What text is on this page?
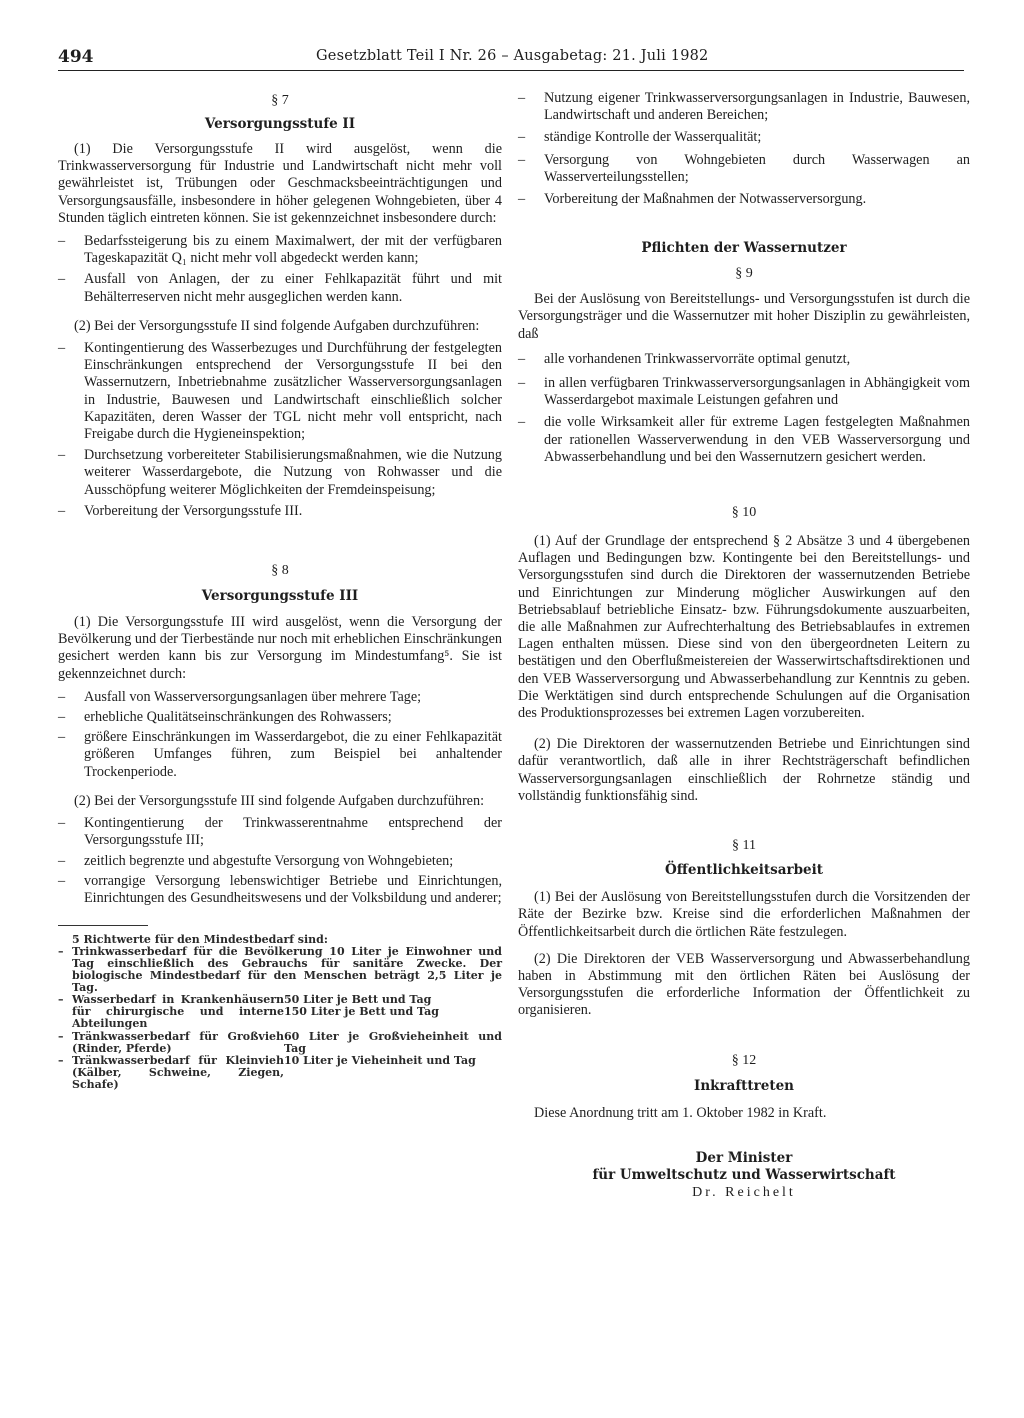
494	Gesetzblatt Teil I Nr. 26 – Ausgabetag: 21. Juli 1982

§ 7

Versorgungsstufe II

(1) Die Versorgungsstufe II wird ausgelöst, wenn die Trinkwasserversorgung für Industrie und Landwirtschaft nicht mehr voll gewährleistet ist, Trübungen oder Geschmacksbeeinträchtigungen und Versorgungsausfälle, insbesondere in höher gelegenen Wohngebieten, über 4 Stunden täglich eintreten können. Sie ist gekennzeichnet insbesondere durch:

– Bedarfssteigerung bis zu einem Maximalwert, der mit der verfügbaren Tageskapazität Q₁ nicht mehr voll abgedeckt werden kann;
– Ausfall von Anlagen, der zu einer Fehlkapazität führt und mit Behälterreserven nicht mehr ausgeglichen werden kann.

(2) Bei der Versorgungsstufe II sind folgende Aufgaben durchzuführen:

– Kontingentierung des Wasserbezuges und Durchführung der festgelegten Einschränkungen entsprechend der Versorgungsstufe II bei den Wassernutzern, Inbetriebnahme zusätzlicher Wasserversorgungsanlagen in Industrie, Bauwesen und Landwirtschaft einschließlich solcher Kapazitäten, deren Wasser der TGL nicht mehr voll entspricht, nach Freigabe durch die Hygieneinspektion;
– Durchsetzung vorbereiteter Stabilisierungsmaßnahmen, wie die Nutzung weiterer Wasserdargebote, die Nutzung von Rohwasser und die Ausschöpfung weiterer Möglichkeiten der Fremdeinspeisung;
– Vorbereitung der Versorgungsstufe III.

§ 8

Versorgungsstufe III

(1) Die Versorgungsstufe III wird ausgelöst, wenn die Versorgung der Bevölkerung und der Tierbestände nur noch mit erheblichen Einschränkungen gesichert werden kann bis zur Versorgung im Mindestumfang⁵. Sie ist gekennzeichnet durch:

– Ausfall von Wasserversorgungsanlagen über mehrere Tage;
– erhebliche Qualitätseinschränkungen des Rohwassers;
– größere Einschränkungen im Wasserdargebot, die zu einer Fehlkapazität größeren Umfanges führen, zum Beispiel bei anhaltender Trockenperiode.

(2) Bei der Versorgungsstufe III sind folgende Aufgaben durchzuführen:

– Kontingentierung der Trinkwasserentnahme entsprechend der Versorgungsstufe III;
– zeitlich begrenzte und abgestufte Versorgung von Wohngebieten;
– vorrangige Versorgung lebenswichtiger Betriebe und Einrichtungen, Einrichtungen des Gesundheitswesens und der Volksbildung und anderer;
5 Richtwerte für den Mindestbedarf sind:
– Trinkwasserbedarf für die Bevölkerung 10 Liter je Einwohner und Tag einschließlich des Gebrauchs für sanitäre Zwecke. Der biologische Mindestbedarf für den Menschen beträgt 2,5 Liter je Tag.
– Wasserbedarf in Krankenhäusern für chirurgische und interne Abteilungen
50 Liter je Bett und Tag
150 Liter je Bett und Tag
– Tränkwasserbedarf für Großvieh (Rinder, Pferde)
60 Liter je Großvieheinheit und Tag
– Tränkwasserbedarf für Kleinvieh (Kälber, Schweine, Ziegen, Schafe)
10 Liter je Vieheinheit und Tag
– Nutzung eigener Trinkwasserversorgungsanlagen in Industrie, Bauwesen, Landwirtschaft und anderen Bereichen;
– ständige Kontrolle der Wasserqualität;
– Versorgung von Wohngebieten durch Wasserwagen an Wasserverteilungsstellen;
– Vorbereitung der Maßnahmen der Notwasserversorgung.

Pflichten der Wassernutzer

§ 9

Bei der Auslösung von Bereitstellungs- und Versorgungsstufen ist durch die Versorgungsträger und die Wassernutzer mit hoher Disziplin zu gewährleisten, daß

– alle vorhandenen Trinkwasservorräte optimal genutzt,
– in allen verfügbaren Trinkwasserversorgungsanlagen in Abhängigkeit vom Wasserdargebot maximale Leistungen gefahren und
– die volle Wirksamkeit aller für extreme Lagen festgelegten Maßnahmen der rationellen Wasserverwendung in den VEB Wasserversorgung und Abwasserbehandlung und bei den Wassernutzern gesichert werden.

§ 10

(1) Auf der Grundlage der entsprechend § 2 Absätze 3 und 4 übergebenen Auflagen und Bedingungen bzw. Kontingente bei den Bereitstellungs- und Versorgungsstufen sind durch die Direktoren der wassernutzenden Betriebe und Einrichtungen zur Minderung möglicher Auswirkungen auf den Betriebsablauf betriebliche Einsatz- bzw. Führungsdokumente auszuarbeiten, die alle Maßnahmen zur Aufrechterhaltung des Betriebsablaufes in extremen Lagen enthalten müssen. Diese sind von den übergeordneten Leitern zu bestätigen und den Oberflußmeistereien der Wasserwirtschaftsdirektionen und den VEB Wasserversorgung und Abwasserbehandlung zur Kenntnis zu geben. Die Werktätigen sind durch entsprechende Schulungen auf die Organisation des Produktionsprozesses bei extremen Lagen vorzubereiten.

(2) Die Direktoren der wassernutzenden Betriebe und Einrichtungen sind dafür verantwortlich, daß alle in ihrer Rechtsträgerschaft befindlichen Wasserversorgungsanlagen einschließlich der Rohrnetze ständig und vollständig funktionsfähig sind.

§ 11

Öffentlichkeitsarbeit

(1) Bei der Auslösung von Bereitstellungsstufen durch die Vorsitzenden der Räte der Bezirke bzw. Kreise sind die erforderlichen Maßnahmen der Öffentlichkeitsarbeit durch die örtlichen Räte festzulegen.

(2) Die Direktoren der VEB Wasserversorgung und Abwasserbehandlung haben in Abstimmung mit den örtlichen Räten bei Auslösung der Versorgungsstufen die erforderliche Information der Öffentlichkeit zu organisieren.

§ 12

Inkrafttreten

Diese Anordnung tritt am 1. Oktober 1982 in Kraft.

Der Minister

für Umweltschutz und Wasserwirtschaft

Dr. Reichelt
